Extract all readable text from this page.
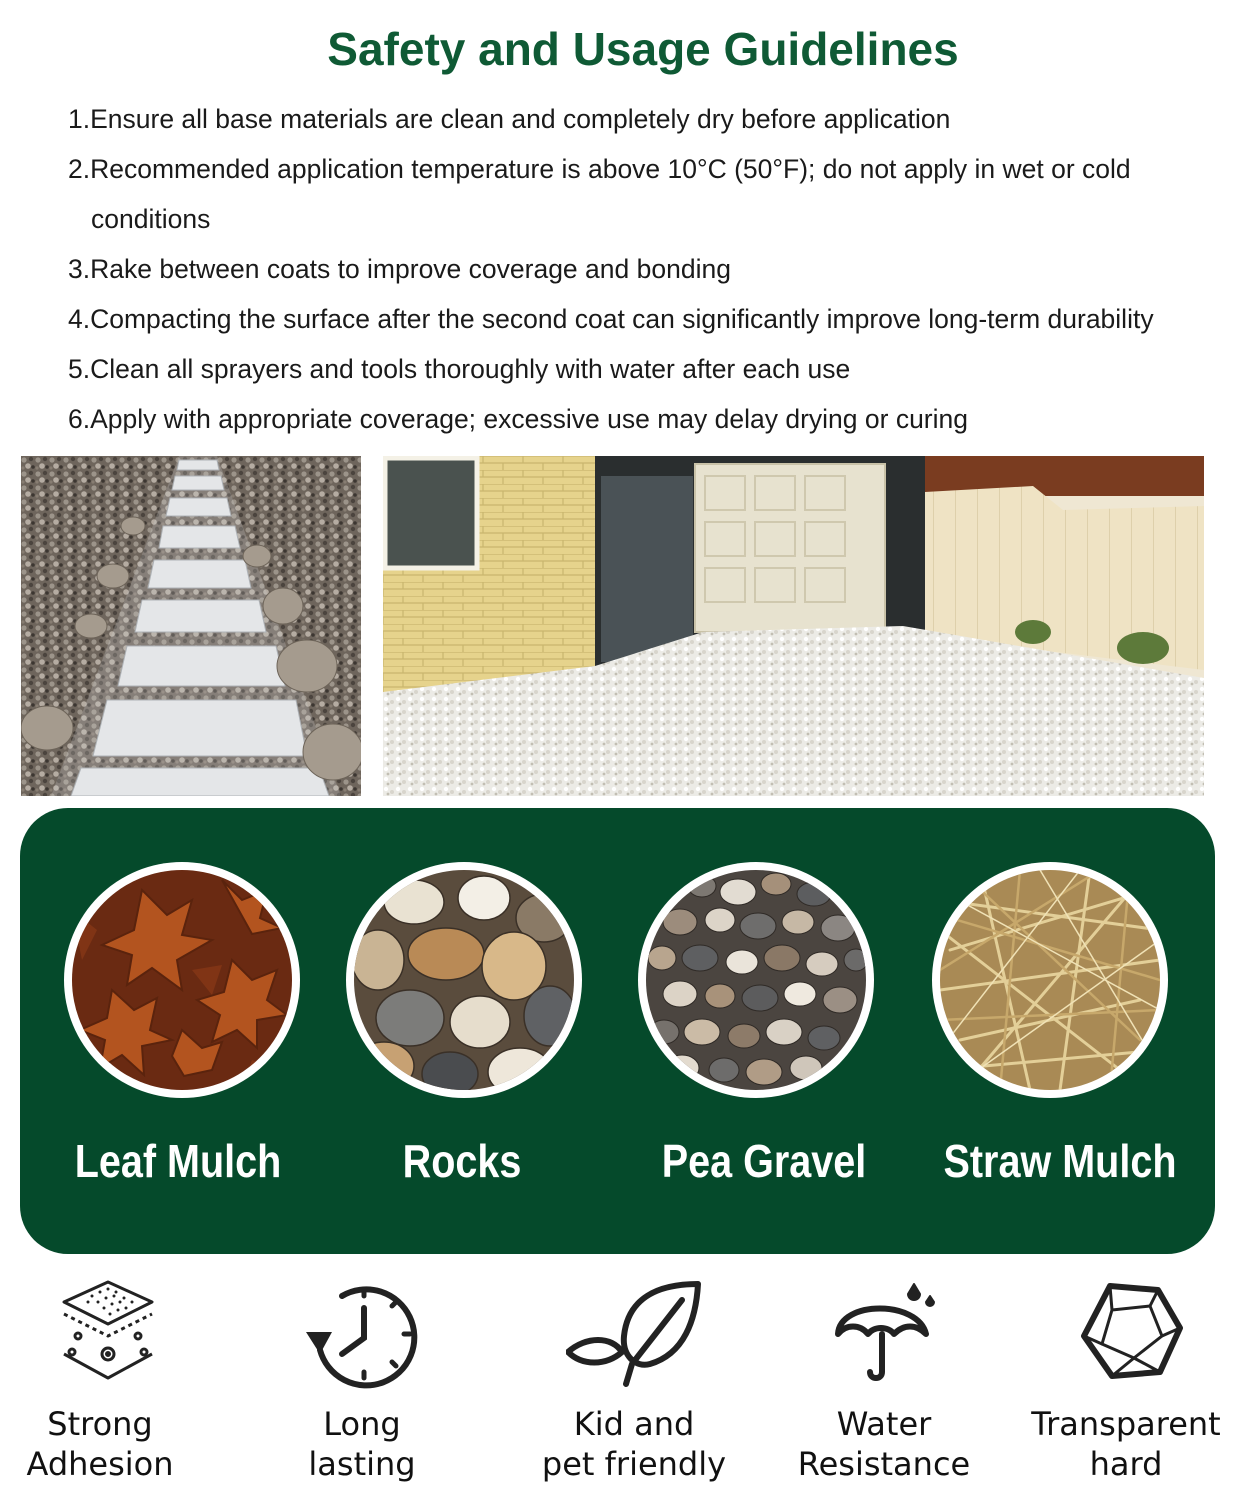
Safety and Usage Guidelines
1.Ensure all base materials are clean and completely dry before application
2.Recommended application temperature is above 10°C (50°F); do not apply in wet or cold conditions
3.Rake between coats to improve coverage and bonding
4.Compacting the surface after the second coat can significantly improve long-term durability
5.Clean all sprayers and tools thoroughly with water after each use
6.Apply with appropriate coverage; excessive use may delay drying or curing
Leaf Mulch	Rocks	Pea Gravel	Straw Mulch
Strong
Adhesion
Long
lasting
Kid and
pet friendly
Water
Resistance
Transparent
hard
